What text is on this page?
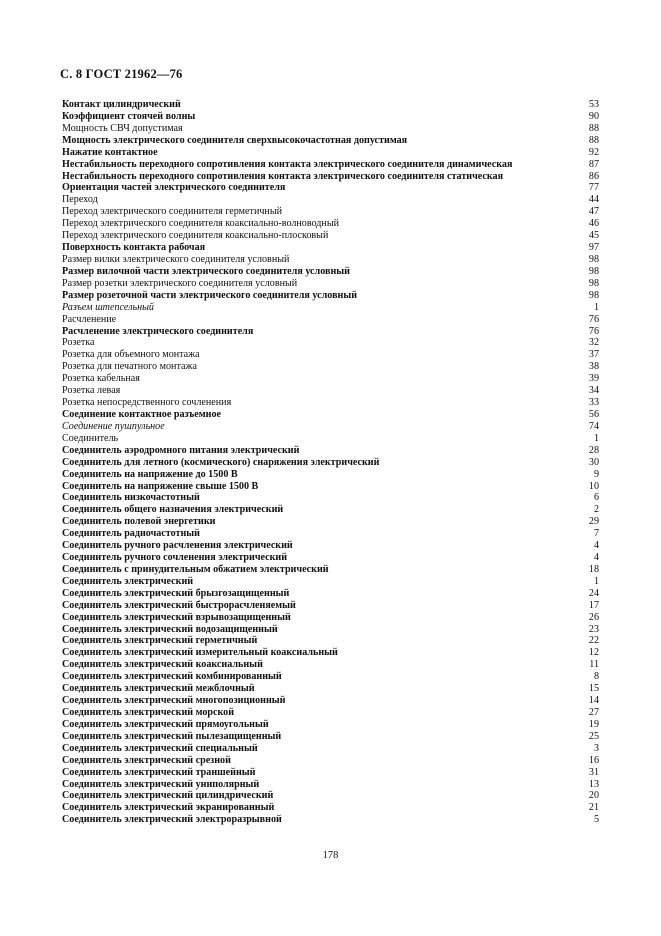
С. 8 ГОСТ 21962—76
Контакт цилиндрический	53
Коэффициент стоячей волны	90
Мощность СВЧ допустимая	88
Мощность электрического соединителя сверхвысокочастотная допустимая	88
Нажатие контактное	92
Нестабильность переходного сопротивления контакта электрического соединителя динамическая	87
Нестабильность переходного сопротивления контакта электрического соединителя статическая	86
Ориентация частей электрического соединителя	77
Переход	44
Переход электрического соединителя герметичный	47
Переход электрического соединителя коаксиально-волноводный	46
Переход электрического соединителя коаксиально-плосковый	45
Поверхность контакта рабочая	97
Размер вилки электрического соединителя условный	98
Размер вилочной части электрического соединителя условный	98
Размер розетки электрического соединителя условный	98
Размер розеточной части электрического соединителя условный	98
Разъем штепсельный	1
Расчленение	76
Расчленение электрического соединителя	76
Розетка	32
Розетка для объемного монтажа	37
Розетка для печатного монтажа	38
Розетка кабельная	39
Розетка левая	34
Розетка непосредственного сочленения	33
Соединение контактное разъемное	56
Соединение пушпульное	74
Соединитель	1
Соединитель аэродромного питания электрический	28
Соединитель для летного (космического) снаряжения электрический	30
Соединитель на напряжение до 1500 В	9
Соединитель на напряжение свыше 1500 В	10
Соединитель низкочастотный	6
Соединитель общего назначения электрический	2
Соединитель полевой энергетики	29
Соединитель радиочастотный	7
Соединитель ручного расчленения электрический	4
Соединитель ручного сочленения электрический	4
Соединитель с принудительным обжатием электрический	18
Соединитель электрический	1
Соединитель электрический брызгозащищенный	24
Соединитель электрический быстрорасчленяемый	17
Соединитель электрический взрывозащищенный	26
Соединитель электрический водозащищенный	23
Соединитель электрический герметичный	22
Соединитель электрический измерительный коаксиальный	12
Соединитель электрический коаксиальный	11
Соединитель электрический комбинированный	8
Соединитель электрический межблочный	15
Соединитель электрический многопозиционный	14
Соединитель электрический морской	27
Соединитель электрический прямоугольный	19
Соединитель электрический пылезащищенный	25
Соединитель электрический специальный	3
Соединитель электрический срезной	16
Соединитель электрический траншейный	31
Соединитель электрический униполярный	13
Соединитель электрический цилиндрический	20
Соединитель электрический экранированный	21
Соединитель электрический электроразрывной	5
178
